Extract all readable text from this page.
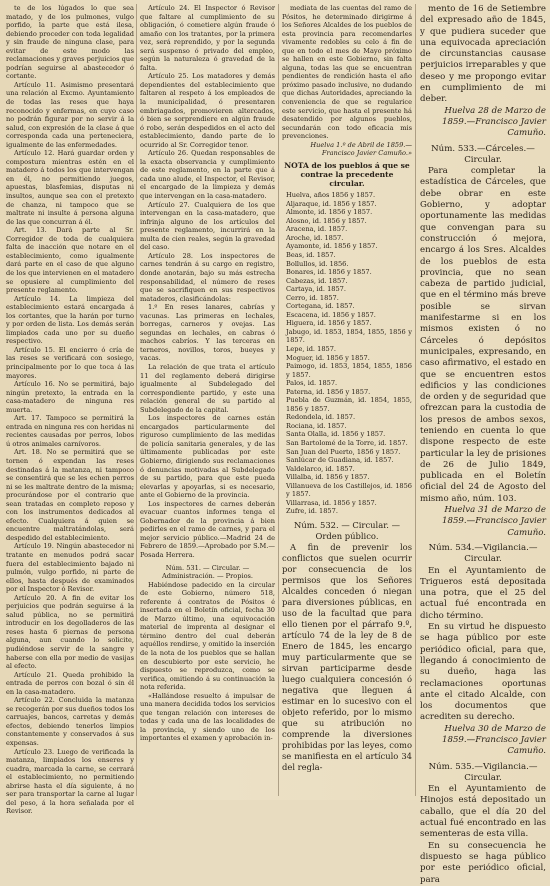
te de los lúgados lo que sea matado, y de los pulmones, vulgo porfido, la parte que está ilesa, debiendo proceder con toda legalidad y sin fraude de ninguna clase, para evitar de este modo las reclamaciones y graves perjuicios que podrían seguirse al abastecedor ó cortante.

Artículo 11. Asimismo presentará una relación al Excmo. Ayuntamiento de todas las reses que haya reconocido y enfermas, en cuyo caso no podrán figurar por no servir á la salud, con expresión de la clase á que corresponda cada una perteneciera, igualmente de las enfermedades.

Artículo 12. Hará guardar orden y compostura mientras estén en el matadero á todos los que intervengan en él, no permitiendo juegos, apuestas, blasfemias, disputas ni insultos, aunque sea con el pretexto de chanza, ni tampoco que se maltrate ni insulte á persona alguna de las que concurran á él.

Art. 13. Dará parte al Sr. Corregidor de toda de cualquiera falta de inacción que notare en el establecimiento, como igualmente dará parte en el caso de que alguno de los que intervienen en el matadero se opusiere al cumplimiento del presente reglamento.

Artículo 14. La limpieza del establecimiento estará encargada á los cortantes, que la harán por turno y por orden de lista. Los demás serán limpiados cada uno por su dueño respectivo.

Artículo 15. El encierro ó cría de las reses se verificará con sosiego, principalmente por lo que toca á las mayores.

Artículo 16. No se permitirá, bajo ningún pretexto, la entrada en la casa-matadero de ninguna res muerta.

Art. 17. Tampoco se permitirá la entrada en ninguna res con heridas ni recientes causadas por perros, lobos ú otros animales carnívoros.

Art. 18. No se permitirá que se tornen ó expendan las reses destinadas á la matanza, ni tampoco se consentirá que se les echen perros ni se les maltrate dentro de la misma; procurándose por el contrario que sean tratadas en completo reposo y con los instrumentos dedicados al efecto. Cualquiera á quien se encuentre maltratándolas, será despedido del establecimiento.

Artículo 19. Ningún abastecedor ni tratante en menudos podrá sacar fuera del establecimiento bajado ni pulmón, vulgo porfido, ni parte de ellos, hasta después de examinados por el Inspector ó Revisor.

Artículo 20. A fin de evitar los perjuicios que podrán seguirse á la salud pública, no se permitirá introducir en los degolladeros de las reses hasta 6 piernas de persona alguna, aun cuando lo solicite, pudiéndose servir de la sangre y haberse con ella por medio de vasijas al efecto.

Artículo 21. Queda prohibido la entrada de perros con bozal ó sin él en la casa-matadero.

Artículo 22. Concluida la matanza se recogerán por sus dueños todos los carruajes, bancos, carretas y demás efectos, debiendo tenerlos limpios constantemente y conservados á sus expensas.

Artículo 23. Luego de verificada la matanza, limpiados los enseres y cuadra, marcada la carne, se cerrará el establecimiento, no permitiendo abrirse hasta el día siguiente, á no ser para transportar la carne al lugar del peso, á la hora señalada por el Revisor.

Artículo 24. El Inspector ó Revisor que faltare al cumplimiento de su obligación, ó cometiere algún fraude ó amaño con los tratantes, por la primera vez, será reprendido, y por la segunda será suspenso ó privado del empleo, según la naturaleza ó gravedad de la falta.

Artículo 25. Los matadores y demás dependientes del establecimiento que faltaren al respeto á los empleados de la municipalidad, ó presentaren embriagados, promovieren altercados, ó bien se sorprendiere en algún fraude ó robo, serán despedidos en el acto del establecimiento, dando parte de lo ocurrido al Sr. Corregidor tenor.

Artículo 26. Quedan responsables de la exacta observancia y cumplimiento de este reglamento, en la parte que á cada uno alude, el Inspector, el Revisor, el encargado de la limpieza y demás que intervengan en la casa-matadero.

Artículo 27. Cualquiera de los que intervengan en la casa-matadero, que infrinja alguno de los artículos del presente reglamento, incurrirá en la multa de cien reales, según la gravedad del caso.

Artículo 28. Los inspectores de carnes tendrán á su cargo en registro, donde anotarán, bajo su más estrecha responsabilidad, el número de reses que se sacrifiquen en sus respectivos mataderos, clasificándolas:

1.º En reses lanares, cabrías y vacunas. Las primeras en lechales, borregas, carneros y ovejas. Las segundas en lechales, en cabras ó machos cabríos. Y las terceras en terneros, novillos, toros, bueyes y vacas.

La relación de que trata el artículo 11 del reglamento deberá dirigirse igualmente al Subdelegado del correspondiente partido, y este una relación general de su partido al Subdelegado de la capital.

Los inspectores de carnes están encargados particularmente del riguroso cumplimiento de las medidas de policía sanitaria generales, y de las últimamente publicadas por este Gobierno, dirigiendo sus reclamaciones ó denuncias motivadas al Subdelegado de su partido, para que este pueda elevarlas y apoyarlas, si es necesario, ante el Gobierno de la provincia.

Los inspectores de carnes deberán evacuar cuantos informes tenga el Gobernador de la provincia á bien pedirles en el ramo de carnes, y para el mejor servicio público.—Madrid 24 de Febrero de 1859.—Aprobado por S.M.—Posada Herrera.

Núm. 531. — Circular. — Administración. — Propios.

Habiéndose padecido en la circular de este Gobierno, número 518, referente á contratos de Pósitos é insertada en el Boletín oficial, fecha 30 de Marzo último, una equivocación material de imprenta al designar el término dentro del cual deberán aquéllos rendirse, y omitido la inserción de la nota de los pueblos que se hallan en descubierto por este servicio, he dispuesto se reproduzca, como se verifica, omitiendo á su continuación la nota referida.

«Hallándose resuelto á impulsar de una manera decidida todos los servicios que tengan relación con intereses de todas y cada una de las localidades de la provincia, y siendo uno de los importantes el examen y aprobación in-

mediata de las cuentas del ramo de Pósitos, he determinado dirigirme á los Señores Alcaldes de los pueblos de esta provincia para recomendarles vivamente redobles su celo á fin de que en todo el mes de Mayo próximo se hallen en este Gobierno, sin falta alguna, todas las que se encuentran pendientes de rendición hasta el año próximo pasado inclusive, no dudando que dichas Autoridades, apreciando la conveniencia de que se regularice este servicio, que hasta el presente há desatendido por algunos pueblos, secundarán con todo eficacia mis prevenciones.

Huelva 1.º de Abril de 1859.—Francisco Javier Camuño.»

NOTA de los pueblos á que se contrae la precedente circular.

Huelva, años 1856 y 1857.

Aljaraque, id. 1856 y 1857.

Almonte, id. 1856 y 1857.

Alosno, id. 1856 y 1857.

Aracena, id. 1857.

Aroche, id. 1857.

Ayamonte, id. 1856 y 1857.

Beas, id. 1857.

Bollullos, id. 1856.

Bonares, id. 1856 y 1857.

Cabezas, id. 1857.

Cartaya, id. 1857.

Cerro, id. 1857.

Cortegana, id. 1857.

Escacena, id. 1856 y 1857.

Higuera, id. 1856 y 1857.

Jabugo, id. 1853, 1854, 1855, 1856 y 1857.

Lepe, id. 1857.

Moguer, id. 1856 y 1857.

Paimogo, id. 1853, 1854, 1855, 1856 y 1857.

Palos, id. 1857.

Paterna, id. 1856 y 1857.

Puebla de Guzmán, id. 1854, 1855, 1856 y 1857.

Redondela, id. 1857.

Rociana, id. 1857.

Santa Olalla, id. 1856 y 1857.

San Bartolomé de la Torre, id. 1857.

San Juan del Puerto, 1856 y 1857.

Sanlúcar de Guadiana, id. 1857.

Valdelarco, id. 1857.

Villalba, id. 1856 y 1857.

Villanueva de los Castillejos, id. 1856 y 1857.

Villarrasa, id. 1856 y 1857.

Zufre, id. 1857.

Núm. 532. — Circular. — Orden público.

A fin de prevenir los conflictos que suelen ocurrir por consecuencia de los permisos que los Señores Alcaldes conceden ó niegan para diversiones públicas, en uso de la facultad que para ello tienen por el párrafo 9.º, artículo 74 de la ley de 8 de Enero de 1845, les encargo muy particularmente que se sirvan participarme desde luego cualquiera concesión ó negativa que lleguen á estimar en lo sucesivo con el objeto referido, por lo mismo que su atribución no comprende la diversiones prohibidas por las leyes, como se manifiesta en el artículo 34 del regla-

mento de 16 de Setiembre del expresado año de 1845, y que pudiera suceder que una equivocada apreciación de circunstancias causase perjuicios irreparables y que deseo y me propongo evitar en cumplimiento de mi deber.

Huelva 28 de Marzo de 1859.—Francisco Javier Camuño.

Núm. 533.—Cárceles.—Circular.

Para completar la estadística de Cárceles, que debe obrar en este Gobierno, y adoptar oportunamente las medidas que convengan para su construcción ó mejora, encargo á los Sres. Alcaldes de los pueblos de esta provincia, que no sean cabeza de partido judicial, que en el término más breve posible se sirvan manifestarme si en los mismos existen ó no Cárceles ó depósitos municipales, expresando, en caso afirmativo, el estado en que se encuentren estos edificios y las condiciones de orden y de seguridad que ofrezcan para la custodia de los presos de ambos sexos, teniendo en cuenta lo que dispone respecto de este particular la ley de prisiones de 26 de Julio 1849, publicada en el Boletín oficial del 24 de Agosto del mismo año, núm. 103.

Huelva 31 de Marzo de 1859.—Francisco Javier Camuño.

Núm. 534.—Vigilancia.—Circular.

En el Ayuntamiento de Trigueros está depositada una potra, que el 25 del actual fué encontrada en dicho término.

En su virtud he dispuesto se haga público por este periódico oficial, para que, llegando á conocimiento de su dueño, haga las reclamaciones oportunas ante el citado Alcalde, con los documentos que acrediten su derecho.

Huelva 30 de Marzo de 1859.—Francisco Javier Camuño.

Núm. 535.—Vigilancia.—Circular.

En el Ayuntamiento de Hinojos está depositado un caballo, que el día 20 del actual fué encontrado en las sementeras de esta villa.

En su consecuencia he dispuesto se haga público por este periódico oficial, para
